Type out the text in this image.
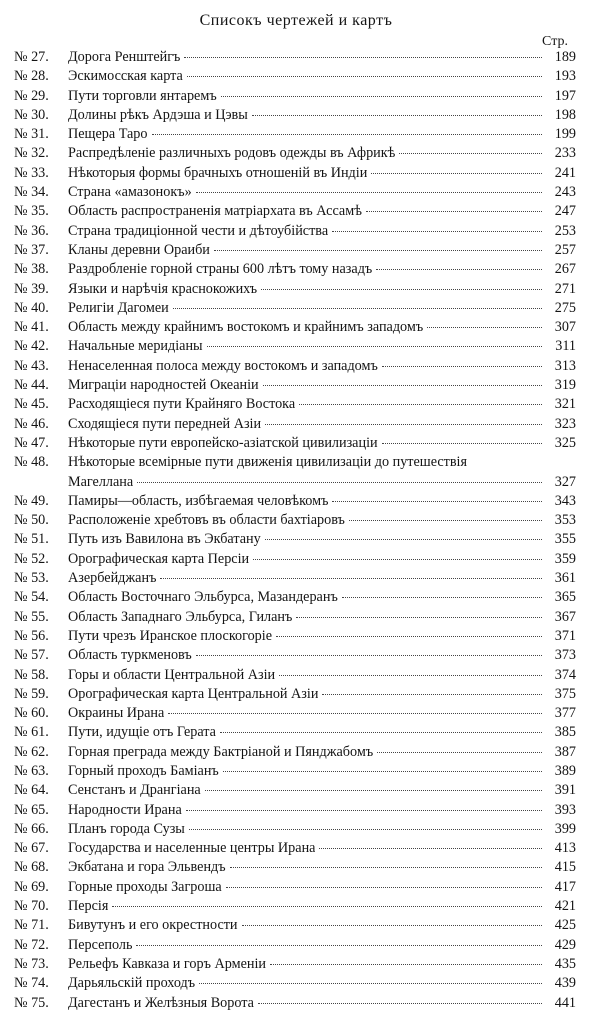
Списокъ чертежей и картъ
Стр.
№ 27.	Дорога Ренштейгъ	189
№ 28.	Эскимосская карта	193
№ 29.	Пути торговли янтаремъ	197
№ 30.	Долины рѣкъ Ардэша и Цэвы	198
№ 31.	Пещера Таро	199
№ 32.	Распредѣленіе различныхъ родовъ одежды въ Африкѣ	233
№ 33.	Нѣкоторыя формы брачныхъ отношеній въ Индіи	241
№ 34.	Страна «амазонокъ»	243
№ 35.	Область распространенія матріархата въ Ассамѣ	247
№ 36.	Страна традиціонной чести и дѣтоубійства	253
№ 37.	Кланы деревни Ораиби	257
№ 38.	Раздробленіе горной страны 600 лѣтъ тому назадъ	267
№ 39.	Языки и нарѣчія краснокожихъ	271
№ 40.	Религіи Дагомеи	275
№ 41.	Область между крайнимъ востокомъ и крайнимъ западомъ	307
№ 42.	Начальные меридіаны	311
№ 43.	Ненаселенная полоса между востокомъ и западомъ	313
№ 44.	Миграціи народностей Океаніи	319
№ 45.	Расходящіеся пути Крайняго Востока	321
№ 46.	Сходящіеся пути передней Азіи	323
№ 47.	Нѣкоторые пути европейско-азіатской цивилизаціи	325
№ 48.	Нѣкоторые всемірные пути движенія цивилизаціи до путешествія
Магеллана	327
№ 49.	Памиры—область, избѣгаемая человѣкомъ	343
№ 50.	Расположеніе хребтовъ въ области бахтіаровъ	353
№ 51.	Путь изъ Вавилона въ Экбатану	355
№ 52.	Орографическая карта Персіи	359
№ 53.	Азербейджанъ	361
№ 54.	Область Восточнаго Эльбурса, Мазандеранъ	365
№ 55.	Область Западнаго Эльбурса, Гиланъ	367
№ 56.	Пути чрезъ Иранское плоскогоріе	371
№ 57.	Область туркменовъ	373
№ 58.	Горы и области Центральной Азіи	374
№ 59.	Орографическая карта Центральной Азіи	375
№ 60.	Окраины Ирана	377
№ 61.	Пути, идущіе отъ Герата	385
№ 62.	Горная преграда между Бактріаной и Пянджабомъ	387
№ 63.	Горный проходъ Баміанъ	389
№ 64.	Сенстанъ и Дрангіана	391
№ 65.	Народности Ирана	393
№ 66.	Планъ города Сузы	399
№ 67.	Государства и населенные центры Ирана	413
№ 68.	Экбатана и гора Эльвендъ	415
№ 69.	Горные проходы Загроша	417
№ 70.	Персія	421
№ 71.	Бивутунъ и его окрестности	425
№ 72.	Персеполь	429
№ 73.	Рельефъ Кавказа и горъ Арменіи	435
№ 74.	Дарьяльскій проходъ	439
№ 75.	Дагестанъ и Желѣзныя Ворота	441
